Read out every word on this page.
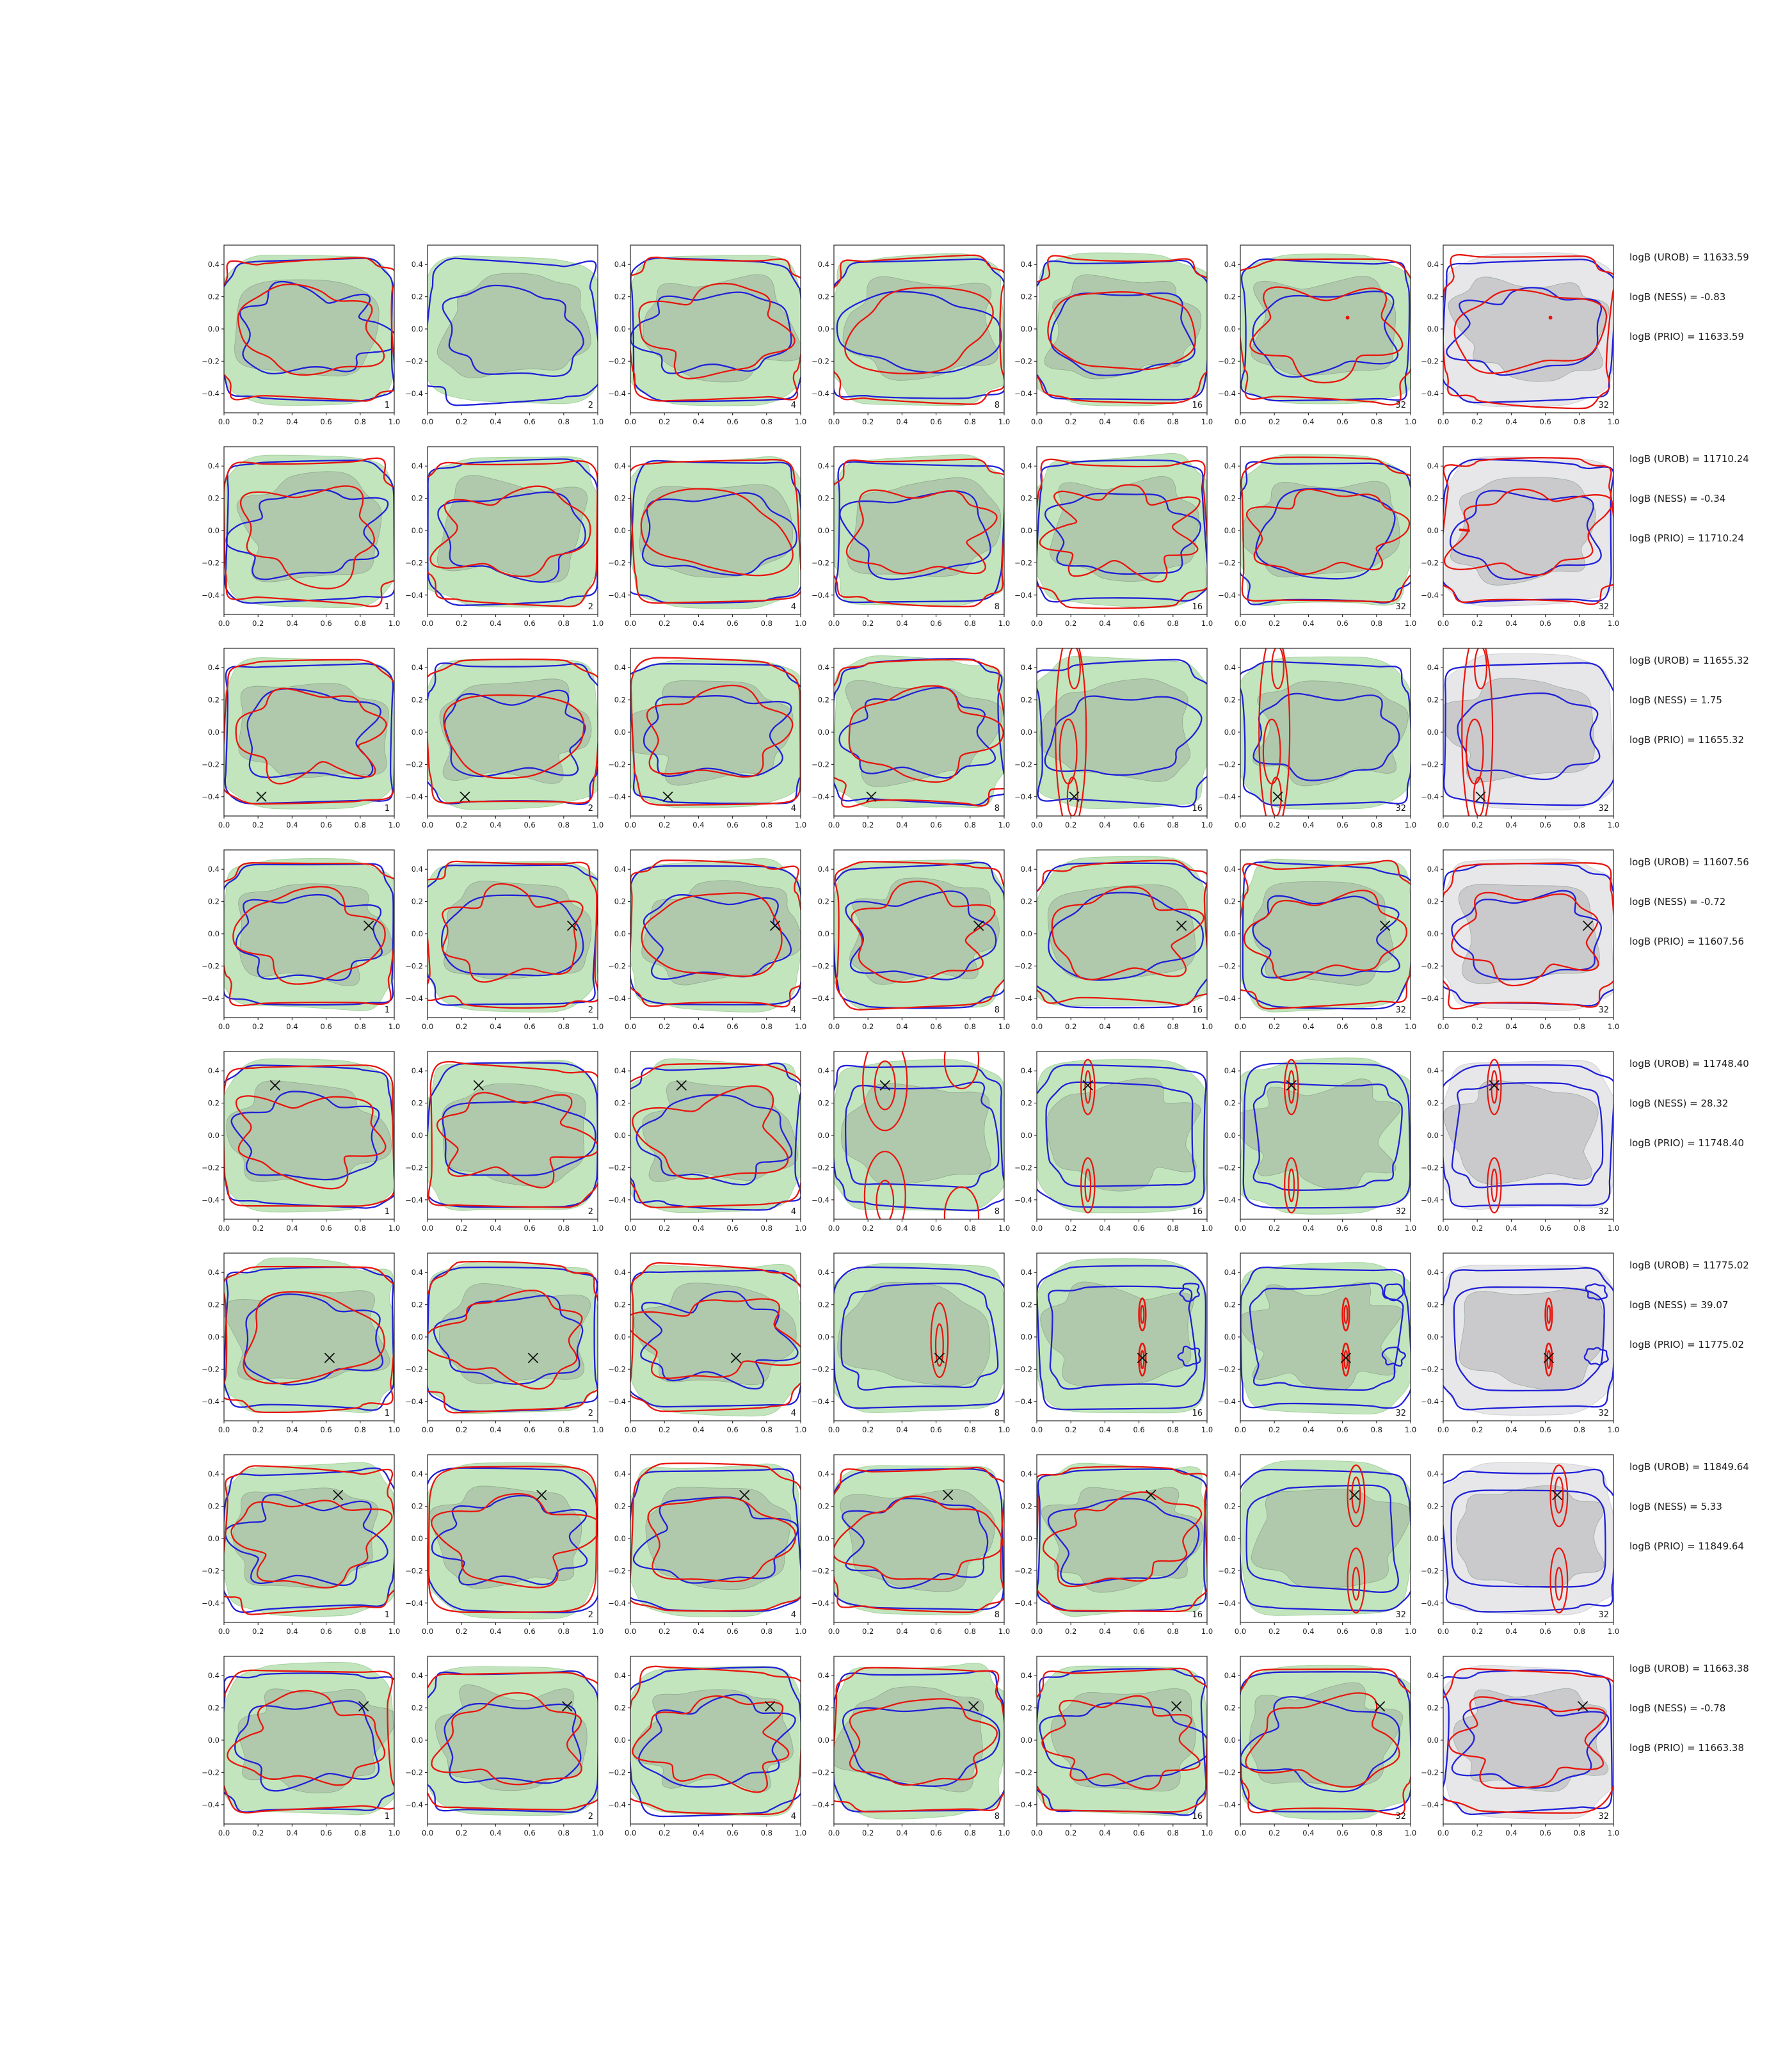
0.0	0.2	0.4	0.6	0.8	1.0
0.4
0.2
0.0
−0.2
−0.4
1
0.0	0.2	0.4	0.6	0.8	1.0
0.4
0.2
0.0
−0.2
−0.4
2
0.0	0.2	0.4	0.6	0.8	1.0
0.4
0.2
0.0
−0.2
−0.4
4
0.0	0.2	0.4	0.6	0.8	1.0
0.4
0.2
0.0
−0.2
−0.4
8
0.0	0.2	0.4	0.6	0.8	1.0
0.4
0.2
0.0
−0.2
−0.4
16
0.0	0.2	0.4	0.6	0.8	1.0
0.4
0.2
0.0
−0.2
−0.4
32
0.0	0.2	0.4	0.6	0.8	1.0
0.4
0.2
0.0
−0.2
−0.4
32
logB (UROB) = 11633.59
logB (NESS) = -0.83
logB (PRIO) = 11633.59
0.0	0.2	0.4	0.6	0.8	1.0
0.4
0.2
0.0
−0.2
−0.4
1
0.0	0.2	0.4	0.6	0.8	1.0
0.4
0.2
0.0
−0.2
−0.4
2
0.0	0.2	0.4	0.6	0.8	1.0
0.4
0.2
0.0
−0.2
−0.4
4
0.0	0.2	0.4	0.6	0.8	1.0
0.4
0.2
0.0
−0.2
−0.4
8
0.0	0.2	0.4	0.6	0.8	1.0
0.4
0.2
0.0
−0.2
−0.4
16
0.0	0.2	0.4	0.6	0.8	1.0
0.4
0.2
0.0
−0.2
−0.4
32
0.0	0.2	0.4	0.6	0.8	1.0
0.4
0.2
0.0
−0.2
−0.4
32
logB (UROB) = 11710.24
logB (NESS) = -0.34
logB (PRIO) = 11710.24
0.0	0.2	0.4	0.6	0.8	1.0
0.4
0.2
0.0
−0.2
−0.4
1
0.0	0.2	0.4	0.6	0.8	1.0
0.4
0.2
0.0
−0.2
−0.4
2
0.0	0.2	0.4	0.6	0.8	1.0
0.4
0.2
0.0
−0.2
−0.4
4
0.0	0.2	0.4	0.6	0.8	1.0
0.4
0.2
0.0
−0.2
−0.4
8
0.0	0.2	0.4	0.6	0.8	1.0
0.4
0.2
0.0
−0.2
−0.4
16
0.0	0.2	0.4	0.6	0.8	1.0
0.4
0.2
0.0
−0.2
−0.4
32
0.0	0.2	0.4	0.6	0.8	1.0
0.4
0.2
0.0
−0.2
−0.4
32
logB (UROB) = 11655.32
logB (NESS) = 1.75
logB (PRIO) = 11655.32
0.0	0.2	0.4	0.6	0.8	1.0
0.4
0.2
0.0
−0.2
−0.4
1
0.0	0.2	0.4	0.6	0.8	1.0
0.4
0.2
0.0
−0.2
−0.4
2
0.0	0.2	0.4	0.6	0.8	1.0
0.4
0.2
0.0
−0.2
−0.4
4
0.0	0.2	0.4	0.6	0.8	1.0
0.4
0.2
0.0
−0.2
−0.4
8
0.0	0.2	0.4	0.6	0.8	1.0
0.4
0.2
0.0
−0.2
−0.4
16
0.0	0.2	0.4	0.6	0.8	1.0
0.4
0.2
0.0
−0.2
−0.4
32
0.0	0.2	0.4	0.6	0.8	1.0
0.4
0.2
0.0
−0.2
−0.4
32
logB (UROB) = 11607.56
logB (NESS) = -0.72
logB (PRIO) = 11607.56
0.0	0.2	0.4	0.6	0.8	1.0
0.4
0.2
0.0
−0.2
−0.4
1
0.0	0.2	0.4	0.6	0.8	1.0
0.4
0.2
0.0
−0.2
−0.4
2
0.0	0.2	0.4	0.6	0.8	1.0
0.4
0.2
0.0
−0.2
−0.4
4
0.0	0.2	0.4	0.6	0.8	1.0
0.4
0.2
0.0
−0.2
−0.4
8
0.0	0.2	0.4	0.6	0.8	1.0
0.4
0.2
0.0
−0.2
−0.4
16
0.0	0.2	0.4	0.6	0.8	1.0
0.4
0.2
0.0
−0.2
−0.4
32
0.0	0.2	0.4	0.6	0.8	1.0
0.4
0.2
0.0
−0.2
−0.4
32
logB (UROB) = 11748.40
logB (NESS) = 28.32
logB (PRIO) = 11748.40
0.0	0.2	0.4	0.6	0.8	1.0
0.4
0.2
0.0
−0.2
−0.4
1
0.0	0.2	0.4	0.6	0.8	1.0
0.4
0.2
0.0
−0.2
−0.4
2
0.0	0.2	0.4	0.6	0.8	1.0
0.4
0.2
0.0
−0.2
−0.4
4
0.0	0.2	0.4	0.6	0.8	1.0
0.4
0.2
0.0
−0.2
−0.4
8
0.0	0.2	0.4	0.6	0.8	1.0
0.4
0.2
0.0
−0.2
−0.4
16
0.0	0.2	0.4	0.6	0.8	1.0
0.4
0.2
0.0
−0.2
−0.4
32
0.0	0.2	0.4	0.6	0.8	1.0
0.4
0.2
0.0
−0.2
−0.4
32
logB (UROB) = 11775.02
logB (NESS) = 39.07
logB (PRIO) = 11775.02
0.0	0.2	0.4	0.6	0.8	1.0
0.4
0.2
0.0
−0.2
−0.4
1
0.0	0.2	0.4	0.6	0.8	1.0
0.4
0.2
0.0
−0.2
−0.4
2
0.0	0.2	0.4	0.6	0.8	1.0
0.4
0.2
0.0
−0.2
−0.4
4
0.0	0.2	0.4	0.6	0.8	1.0
0.4
0.2
0.0
−0.2
−0.4
8
0.0	0.2	0.4	0.6	0.8	1.0
0.4
0.2
0.0
−0.2
−0.4
16
0.0	0.2	0.4	0.6	0.8	1.0
0.4
0.2
0.0
−0.2
−0.4
32
0.0	0.2	0.4	0.6	0.8	1.0
0.4
0.2
0.0
−0.2
−0.4
32
logB (UROB) = 11849.64
logB (NESS) = 5.33
logB (PRIO) = 11849.64
0.0	0.2	0.4	0.6	0.8	1.0
0.4
0.2
0.0
−0.2
−0.4
1
0.0	0.2	0.4	0.6	0.8	1.0
0.4
0.2
0.0
−0.2
−0.4
2
0.0	0.2	0.4	0.6	0.8	1.0
0.4
0.2
0.0
−0.2
−0.4
4
0.0	0.2	0.4	0.6	0.8	1.0
0.4
0.2
0.0
−0.2
−0.4
8
0.0	0.2	0.4	0.6	0.8	1.0
0.4
0.2
0.0
−0.2
−0.4
16
0.0	0.2	0.4	0.6	0.8	1.0
0.4
0.2
0.0
−0.2
−0.4
32
0.0	0.2	0.4	0.6	0.8	1.0
0.4
0.2
0.0
−0.2
−0.4
32
logB (UROB) = 11663.38
logB (NESS) = -0.78
logB (PRIO) = 11663.38
